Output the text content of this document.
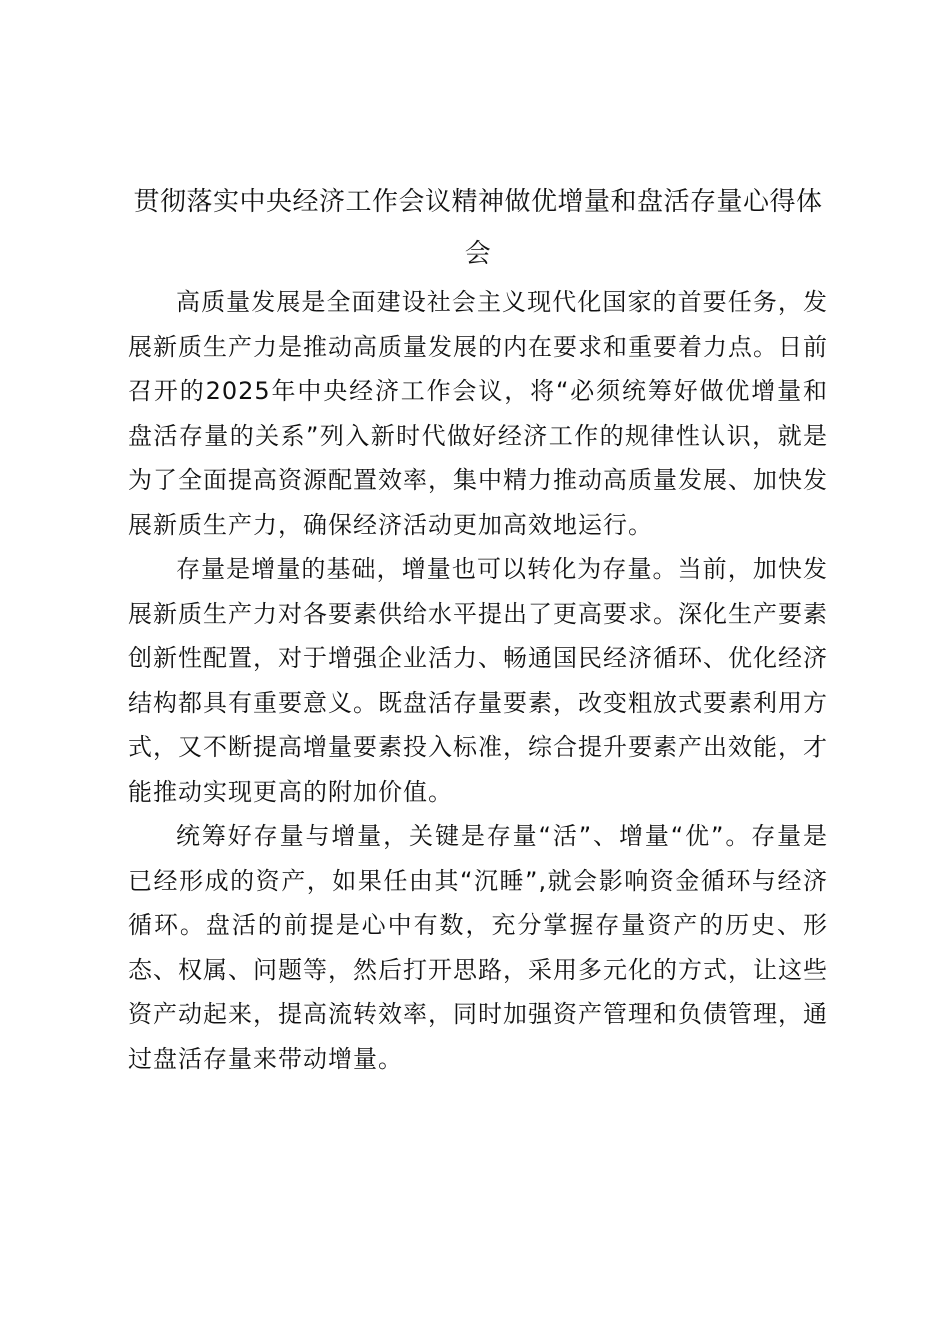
贯彻落实中央经济工作会议精神做优增量和盘活存量心得体会

高质量发展是全面建设社会主义现代化国家的首要任务，发展新质生产力是推动高质量发展的内在要求和重要着力点。日前召开的2025年中央经济工作会议，将“必须统筹好做优增量和盘活存量的关系”列入新时代做好经济工作的规律性认识，就是为了全面提高资源配置效率，集中精力推动高质量发展、加快发展新质生产力，确保经济活动更加高效地运行。

存量是增量的基础，增量也可以转化为存量。当前，加快发展新质生产力对各要素供给水平提出了更高要求。深化生产要素创新性配置，对于增强企业活力、畅通国民经济循环、优化经济结构都具有重要意义。既盘活存量要素，改变粗放式要素利用方式，又不断提高增量要素投入标准，综合提升要素产出效能，才能推动实现更高的附加价值。

统筹好存量与增量，关键是存量“活”、增量“优”。存量是已经形成的资产，如果任由其“沉睡”,就会影响资金循环与经济循环。盘活的前提是心中有数，充分掌握存量资产的历史、形态、权属、问题等，然后打开思路，采用多元化的方式，让这些资产动起来，提高流转效率，同时加强资产管理和负债管理，通过盘活存量来带动增量。
